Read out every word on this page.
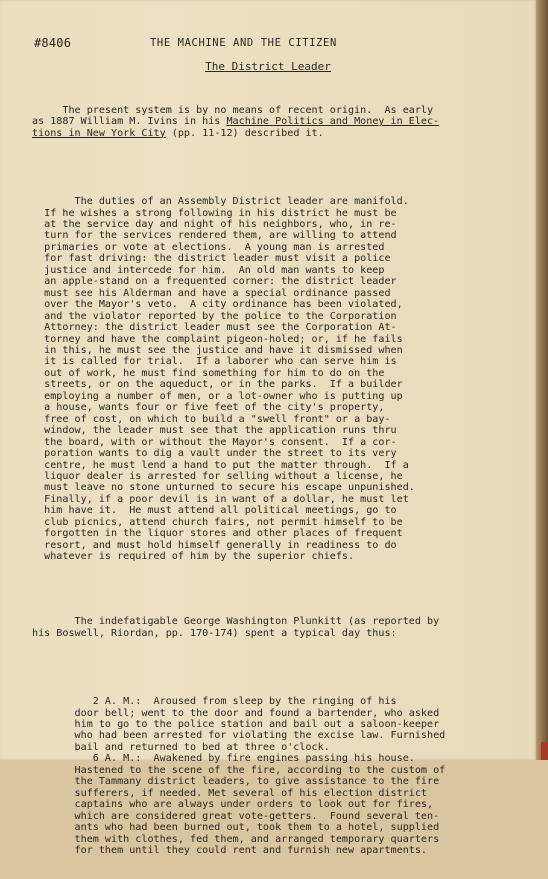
#8406	THE MACHINE AND THE CITIZEN
The District Leader

The present system is by no means of recent origin.  As early
as 1887 William M. Ivins in his Machine Politics and Money in Elec-
tions in New York City (pp. 11-12) described it.

The duties of an Assembly District leader are manifold.
If he wishes a strong following in his district he must be
at the service day and night of his neighbors, who, in re-
turn for the services rendered them, are willing to attend
primaries or vote at elections.  A young man is arrested
for fast driving: the district leader must visit a police
justice and intercede for him.  An old man wants to keep
an apple-stand on a frequented corner: the district leader
must see his Alderman and have a special ordinance passed
over the Mayor's veto.  A city ordinance has been violated,
and the violator reported by the police to the Corporation
Attorney: the district leader must see the Corporation At-
torney and have the complaint pigeon-holed; or, if he fails
in this, he must see the justice and have it dismissed when
it is called for trial.  If a laborer who can serve him is
out of work, he must find something for him to do on the
streets, or on the aqueduct, or in the parks.  If a builder
employing a number of men, or a lot-owner who is putting up
a house, wants four or five feet of the city's property,
free of cost, on which to build a "swell front" or a bay-
window, the leader must see that the application runs thru
the board, with or without the Mayor's consent.  If a cor-
poration wants to dig a vault under the street to its very
centre, he must lend a hand to put the matter through.  If a
liquor dealer is arrested for selling without a license, he
must leave no stone unturned to secure his escape unpunished.
Finally, if a poor devil is in want of a dollar, he must let
him have it.  He must attend all political meetings, go to
club picnics, attend church fairs, not permit himself to be
forgotten in the liquor stores and other places of frequent
resort, and must hold himself generally in readiness to do
whatever is required of him by the superior chiefs.

The indefatigable George Washington Plunkitt (as reported by
his Boswell, Riordan, pp. 170-174) spent a typical day thus:

2 A. M.:  Aroused from sleep by the ringing of his
door bell; went to the door and found a bartender, who asked
him to go to the police station and bail out a saloon-keeper
who had been arrested for violating the excise law. Furnished
bail and returned to bed at three o'clock.
6 A. M.:  Awakened by fire engines passing his house.
Hastened to the scene of the fire, according to the custom of
the Tammany district leaders, to give assistance to the fire
sufferers, if needed. Met several of his election district
captains who are always under orders to look out for fires,
which are considered great vote-getters.  Found several ten-
ants who had been burned out, took them to a hotel, supplied
them with clothes, fed them, and arranged temporary quarters
for them until they could rent and furnish new apartments.
